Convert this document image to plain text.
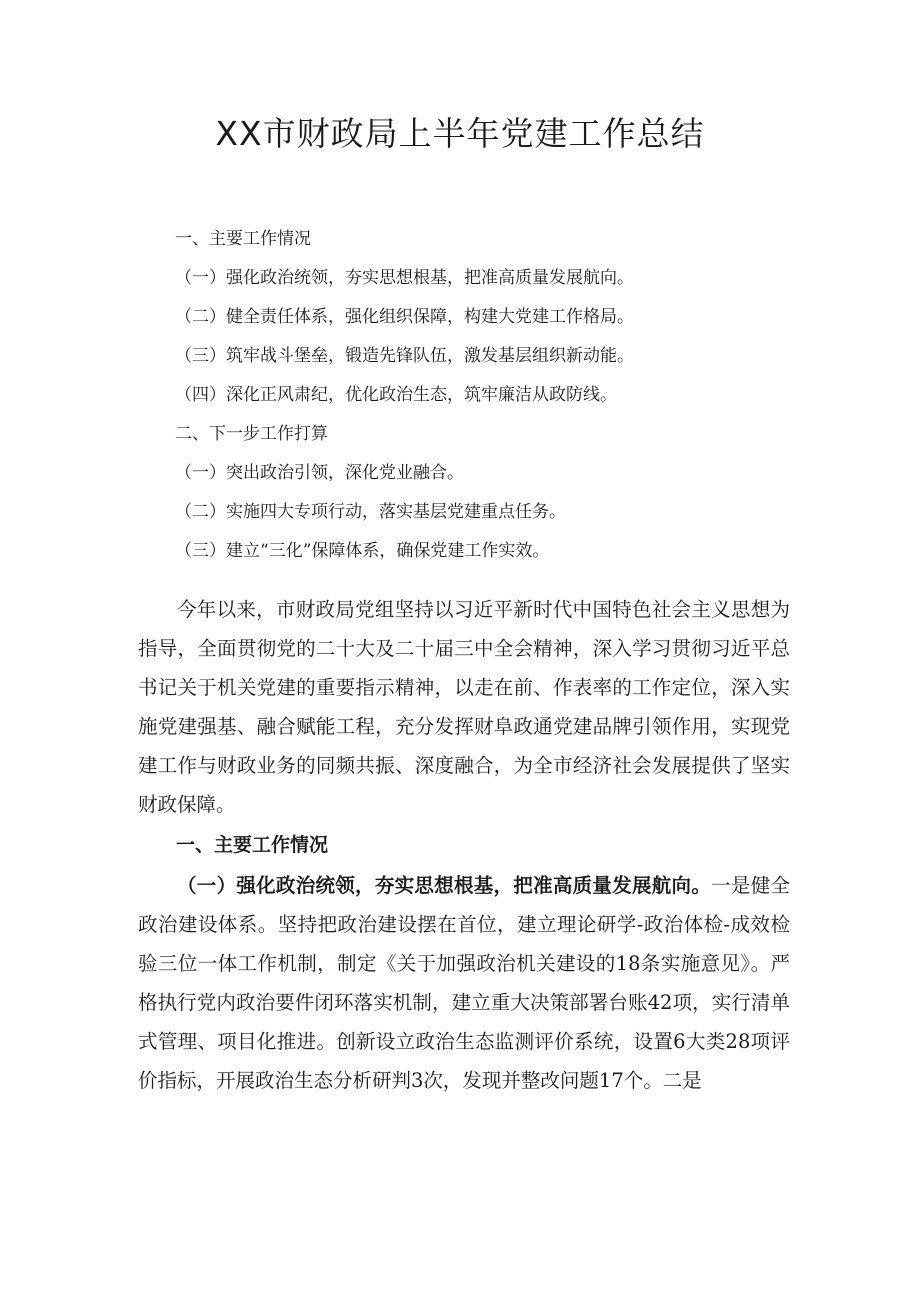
XX市财政局上半年党建工作总结
一、主要工作情况
（一）强化政治统领，夯实思想根基，把准高质量发展航向。
（二）健全责任体系，强化组织保障，构建大党建工作格局。
（三）筑牢战斗堡垒，锻造先锋队伍，激发基层组织新动能。
（四）深化正风肃纪，优化政治生态，筑牢廉洁从政防线。
二、下一步工作打算
（一）突出政治引领，深化党业融合。
（二）实施四大专项行动，落实基层党建重点任务。
（三）建立“三化”保障体系，确保党建工作实效。

今年以来，市财政局党组坚持以习近平新时代中国特色社会主义思想为指导，全面贯彻党的二十大及二十届三中全会精神，深入学习贯彻习近平总书记关于机关党建的重要指示精神，以走在前、作表率的工作定位，深入实施党建强基、融合赋能工程，充分发挥财阜政通党建品牌引领作用，实现党建工作与财政业务的同频共振、深度融合，为全市经济社会发展提供了坚实财政保障。

一、主要工作情况

（一）强化政治统领，夯实思想根基，把准高质量发展航向。一是健全政治建设体系。坚持把政治建设摆在首位，建立理论研学-政治体检-成效检验三位一体工作机制，制定《关于加强政治机关建设的18条实施意见》。严格执行党内政治要件闭环落实机制，建立重大决策部署台账42项，实行清单式管理、项目化推进。创新设立政治生态监测评价系统，设置6大类28项评价指标，开展政治生态分析研判3次，发现并整改问题17个。二是
